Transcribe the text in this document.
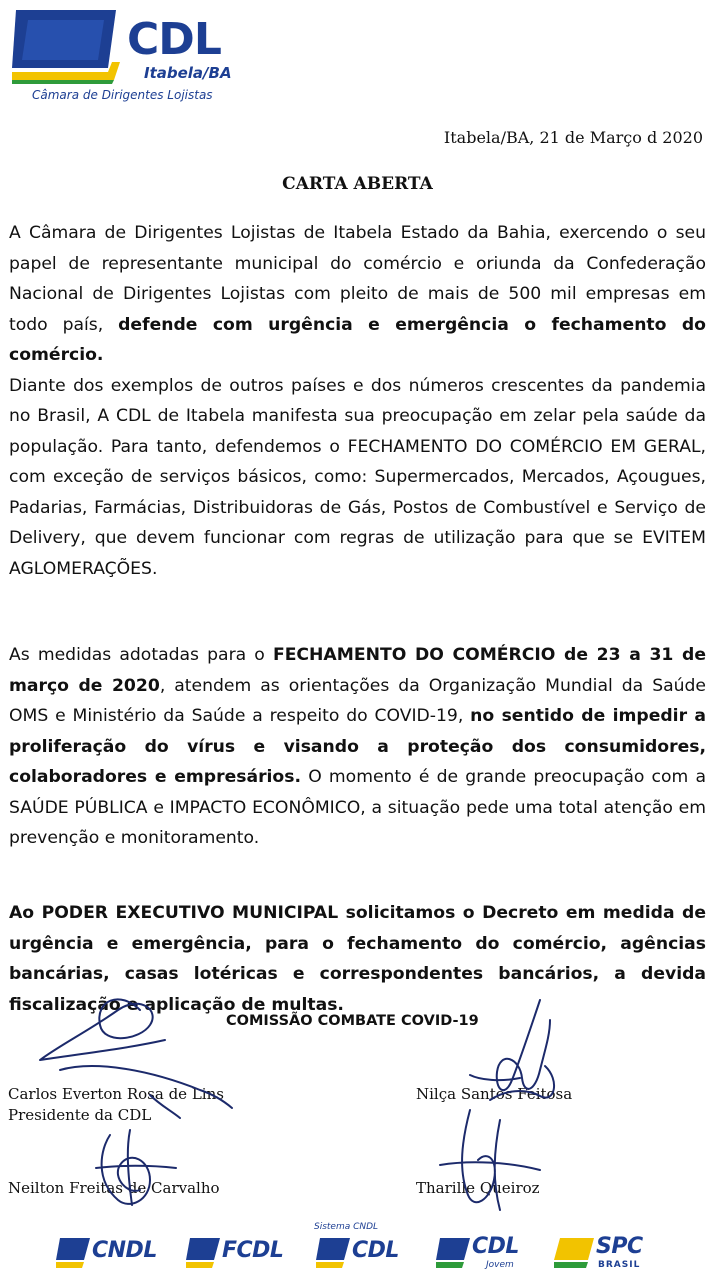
CDL
Itabela/BA
Câmara de Dirigentes Lojistas
Itabela/BA, 21 de Março d 2020
CARTA ABERTA

A Câmara de Dirigentes Lojistas de Itabela Estado da Bahia, exercendo o seu papel de representante municipal do comércio e oriunda da Confederação Nacional de Dirigentes Lojistas com pleito de mais de 500 mil empresas em todo país, defende com urgência e emergência o fechamento do comércio.

Diante dos exemplos de outros países e dos números crescentes da pandemia no Brasil, A CDL de Itabela manifesta sua preocupação em zelar pela saúde da população. Para tanto, defendemos o FECHAMENTO DO COMÉRCIO EM GERAL, com exceção de serviços básicos, como: Supermercados, Mercados, Açougues, Padarias, Farmácias, Distribuidoras de Gás, Postos de Combustível e Serviço de Delivery, que devem funcionar com regras de utilização para que se EVITEM AGLOMERAÇÕES.

As medidas adotadas para o FECHAMENTO DO COMÉRCIO de 23 a 31 de março de 2020, atendem as orientações da Organização Mundial da Saúde OMS e Ministério da Saúde a respeito do COVID-19, no sentido de impedir a proliferação do vírus e visando a proteção dos consumidores, colaboradores e empresários. O momento é de grande preocupação com a SAÚDE PÚBLICA e IMPACTO ECONÔMICO, a situação pede uma total atenção em prevenção e monitoramento.

Ao PODER EXECUTIVO MUNICIPAL solicitamos o Decreto em medida de urgência e emergência, para o fechamento do comércio, agências bancárias, casas lotéricas e correspondentes bancários, a devida fiscalização e aplicação de multas.

COMISSÃO COMBATE COVID-19
Carlos Everton Rosa de Lins
Presidente da CDL
Nilça Santos Feitosa
Neilton Freitas de Carvalho	Tharille Queiroz
Sistema CNDL
CNDL	FCDL	CDL	CDL
Jovem
SPC
BRASIL
